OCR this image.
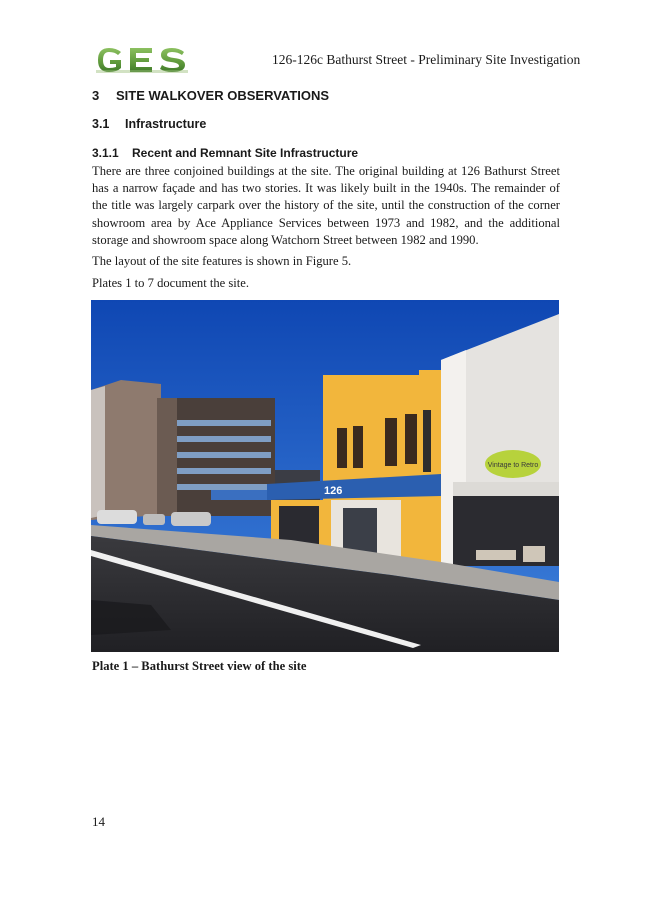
126-126c Bathurst Street - Preliminary Site Investigation
3 SITE WALKOVER OBSERVATIONS
3.1 Infrastructure
3.1.1 Recent and Remnant Site Infrastructure
There are three conjoined buildings at the site. The original building at 126 Bathurst Street has a narrow façade and has two stories. It was likely built in the 1940s. The remainder of the title was largely carpark over the history of the site, until the construction of the corner showroom area by Ace Appliance Services between 1973 and 1982, and the additional storage and showroom space along Watchorn Street between 1982 and 1990.
The layout of the site features is shown in Figure 5.
Plates 1 to 7 document the site.
126
Vintage to Retro
Plate 1 – Bathurst Street view of the site
14
